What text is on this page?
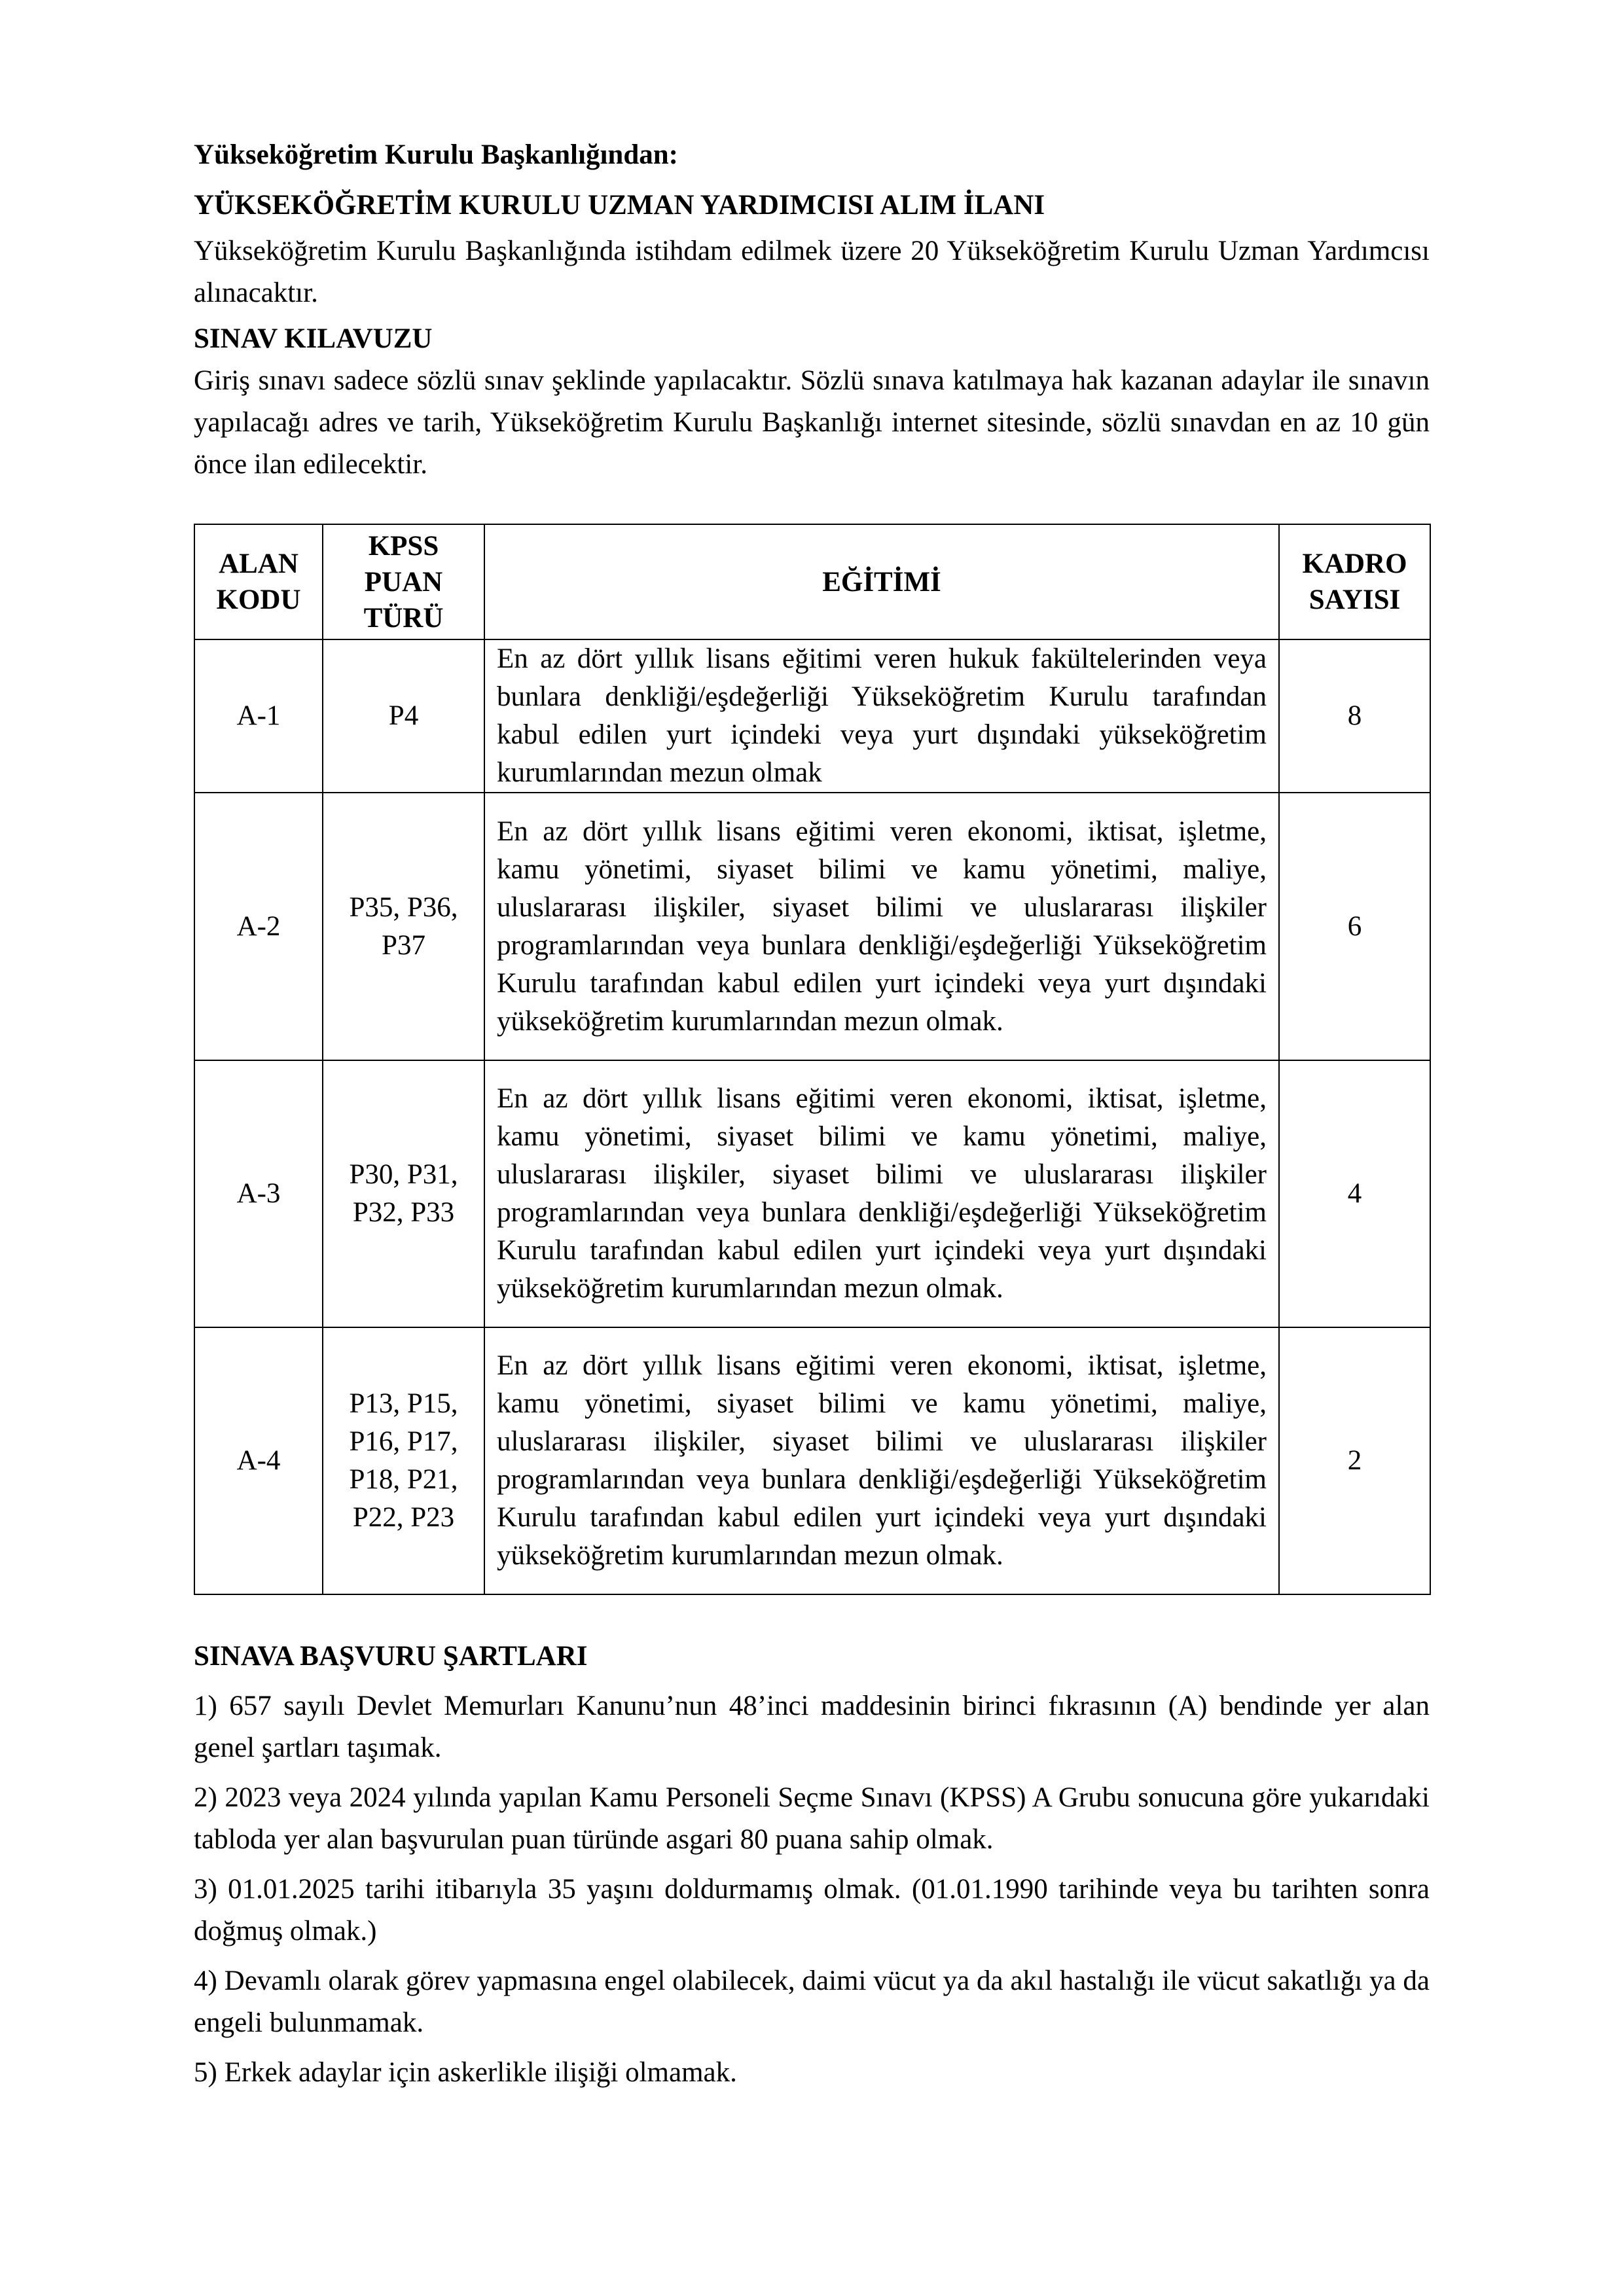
Yükseköğretim Kurulu Başkanlığından:
YÜKSEKÖĞRETİM KURULU UZMAN YARDIMCISI ALIM İLANI

Yükseköğretim Kurulu Başkanlığında istihdam edilmek üzere 20 Yükseköğretim Kurulu Uzman Yardımcısı alınacaktır.

SINAV KILAVUZU

Giriş sınavı sadece sözlü sınav şeklinde yapılacaktır. Sözlü sınava katılmaya hak kazanan adaylar ile sınavın yapılacağı adres ve tarih, Yükseköğretim Kurulu Başkanlığı internet sitesinde, sözlü sınavdan en az 10 gün önce ilan edilecektir.

ALAN KODU	KPSS PUAN TÜRÜ	EĞİTİMİ	KADRO SAYISI
A-1	P4	En az dört yıllık lisans eğitimi veren hukuk fakültelerinden veya bunlara denkliği/eşdeğerliği Yükseköğretim Kurulu tarafından kabul edilen yurt içindeki veya yurt dışındaki yükseköğretim kurumlarından mezun olmak	8
A-2	P35, P36, P37	En az dört yıllık lisans eğitimi veren ekonomi, iktisat, işletme, kamu yönetimi, siyaset bilimi ve kamu yönetimi, maliye, uluslararası ilişkiler, siyaset bilimi ve uluslararası ilişkiler programlarından veya bunlara denkliği/eşdeğerliği Yükseköğretim Kurulu tarafından kabul edilen yurt içindeki veya yurt dışındaki yükseköğretim kurumlarından mezun olmak.	6
A-3	P30, P31, P32, P33	En az dört yıllık lisans eğitimi veren ekonomi, iktisat, işletme, kamu yönetimi, siyaset bilimi ve kamu yönetimi, maliye, uluslararası ilişkiler, siyaset bilimi ve uluslararası ilişkiler programlarından veya bunlara denkliği/eşdeğerliği Yükseköğretim Kurulu tarafından kabul edilen yurt içindeki veya yurt dışındaki yükseköğretim kurumlarından mezun olmak.	4
A-4	P13, P15, P16, P17, P18, P21, P22, P23	En az dört yıllık lisans eğitimi veren ekonomi, iktisat, işletme, kamu yönetimi, siyaset bilimi ve kamu yönetimi, maliye, uluslararası ilişkiler, siyaset bilimi ve uluslararası ilişkiler programlarından veya bunlara denkliği/eşdeğerliği Yükseköğretim Kurulu tarafından kabul edilen yurt içindeki veya yurt dışındaki yükseköğretim kurumlarından mezun olmak.	2
SINAVA BAŞVURU ŞARTLARI

1) 657 sayılı Devlet Memurları Kanunu’nun 48’inci maddesinin birinci fıkrasının (A) bendinde yer alan genel şartları taşımak.

2) 2023 veya 2024 yılında yapılan Kamu Personeli Seçme Sınavı (KPSS) A Grubu sonucuna göre yukarıdaki tabloda yer alan başvurulan puan türünde asgari 80 puana sahip olmak.

3) 01.01.2025 tarihi itibarıyla 35 yaşını doldurmamış olmak. (01.01.1990 tarihinde veya bu tarihten sonra doğmuş olmak.)

4) Devamlı olarak görev yapmasına engel olabilecek, daimi vücut ya da akıl hastalığı ile vücut sakatlığı ya da engeli bulunmamak.

5) Erkek adaylar için askerlikle ilişiği olmamak.
